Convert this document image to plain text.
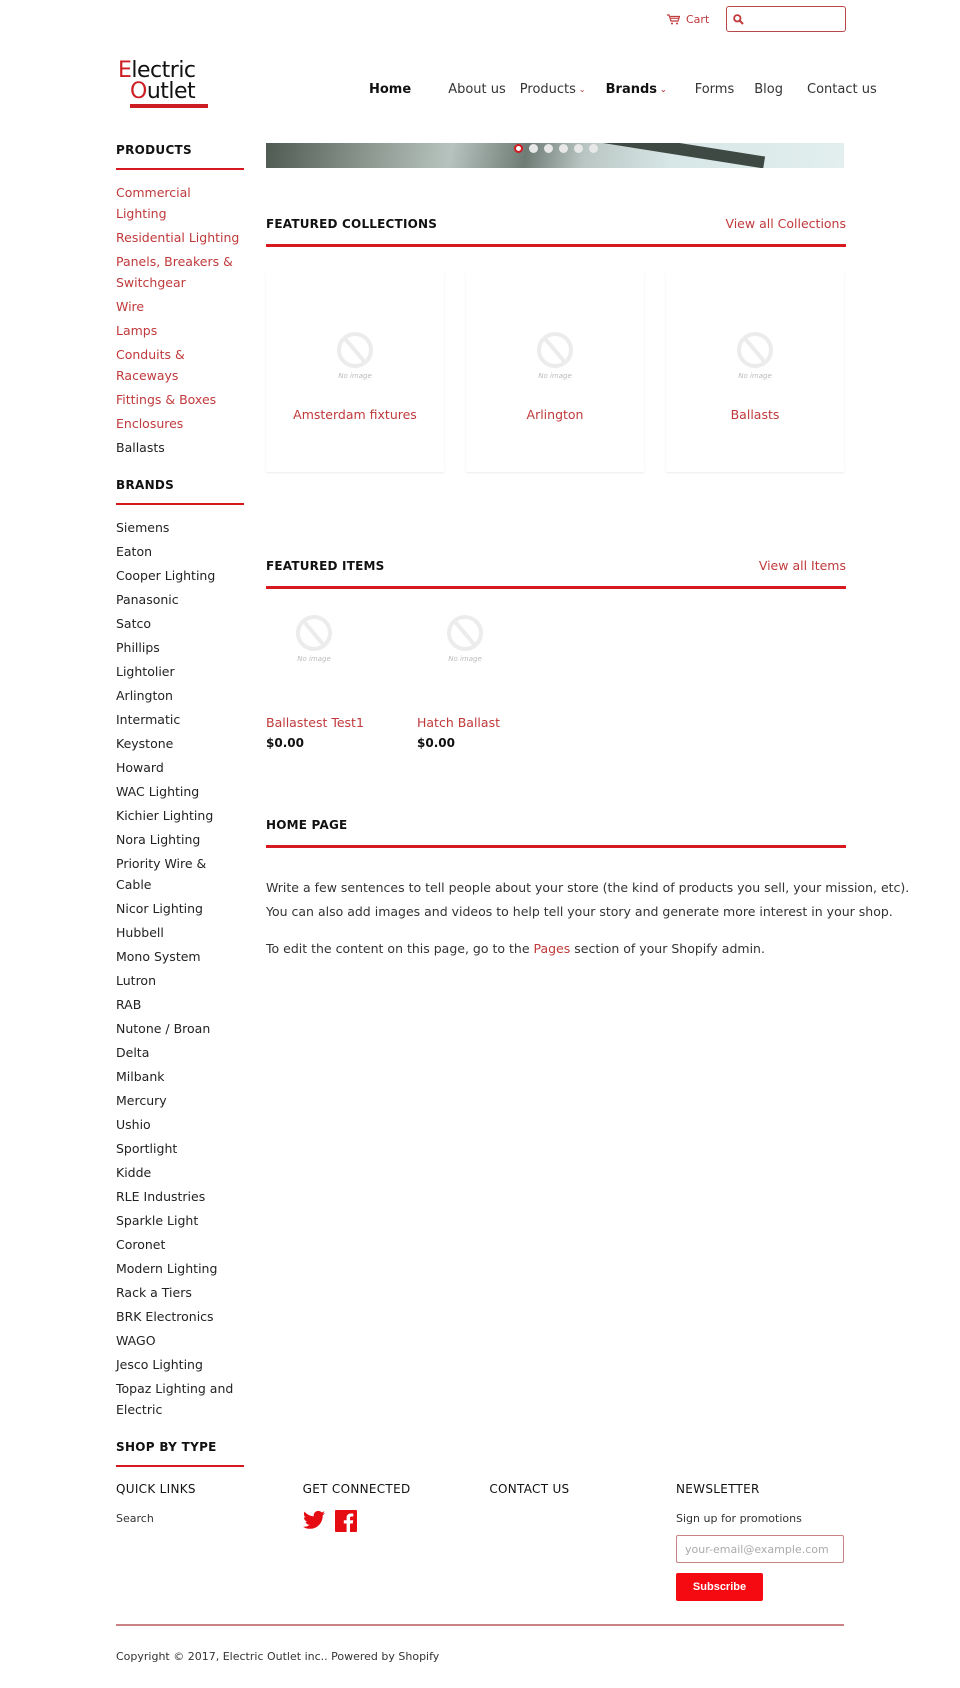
Cart
Electric
Outlet	Home	About us Products ⌄ Brands ⌄ Forms Blog Contact us
PRODUCTS
Commercial Lighting
Residential Lighting
Panels, Breakers & Switchgear
Wire
Lamps
Conduits & Raceways
Fittings & Boxes
Enclosures
Ballasts
BRANDS
Siemens
Eaton
Cooper Lighting
Panasonic
Satco
Phillips
Lightolier
Arlington
Intermatic
Keystone
Howard
WAC Lighting
Kichier Lighting
Nora Lighting
Priority Wire & Cable
Nicor Lighting
Hubbell
Mono System
Lutron
RAB
Nutone / Broan
Delta
Milbank
Mercury
Ushio
Sportlight
Kidde
RLE Industries
Sparkle Light
Coronet
Modern Lighting
Rack a Tiers
BRK Electronics
WAGO
Jesco Lighting
Topaz Lighting and Electric
SHOP BY TYPE
FEATURED COLLECTIONS	View all Collections
No image
Amsterdam fixtures
No image
Arlington
No image
Ballasts
FEATURED ITEMS	View all Items
No image
Ballastest Test1
$0.00
No image
Hatch Ballast
$0.00
HOME PAGE

Write a few sentences to tell people about your store (the kind of products you sell, your mission, etc). You can also add images and videos to help tell your story and generate more interest in your shop.

To edit the content on this page, go to the Pages section of your Shopify admin.

QUICK LINKS
Search
GET CONNECTED	CONTACT US	NEWSLETTER
Sign up for promotions
your-email@example.com
Subscribe
Copyright © 2017, Electric Outlet inc.. Powered by Shopify
